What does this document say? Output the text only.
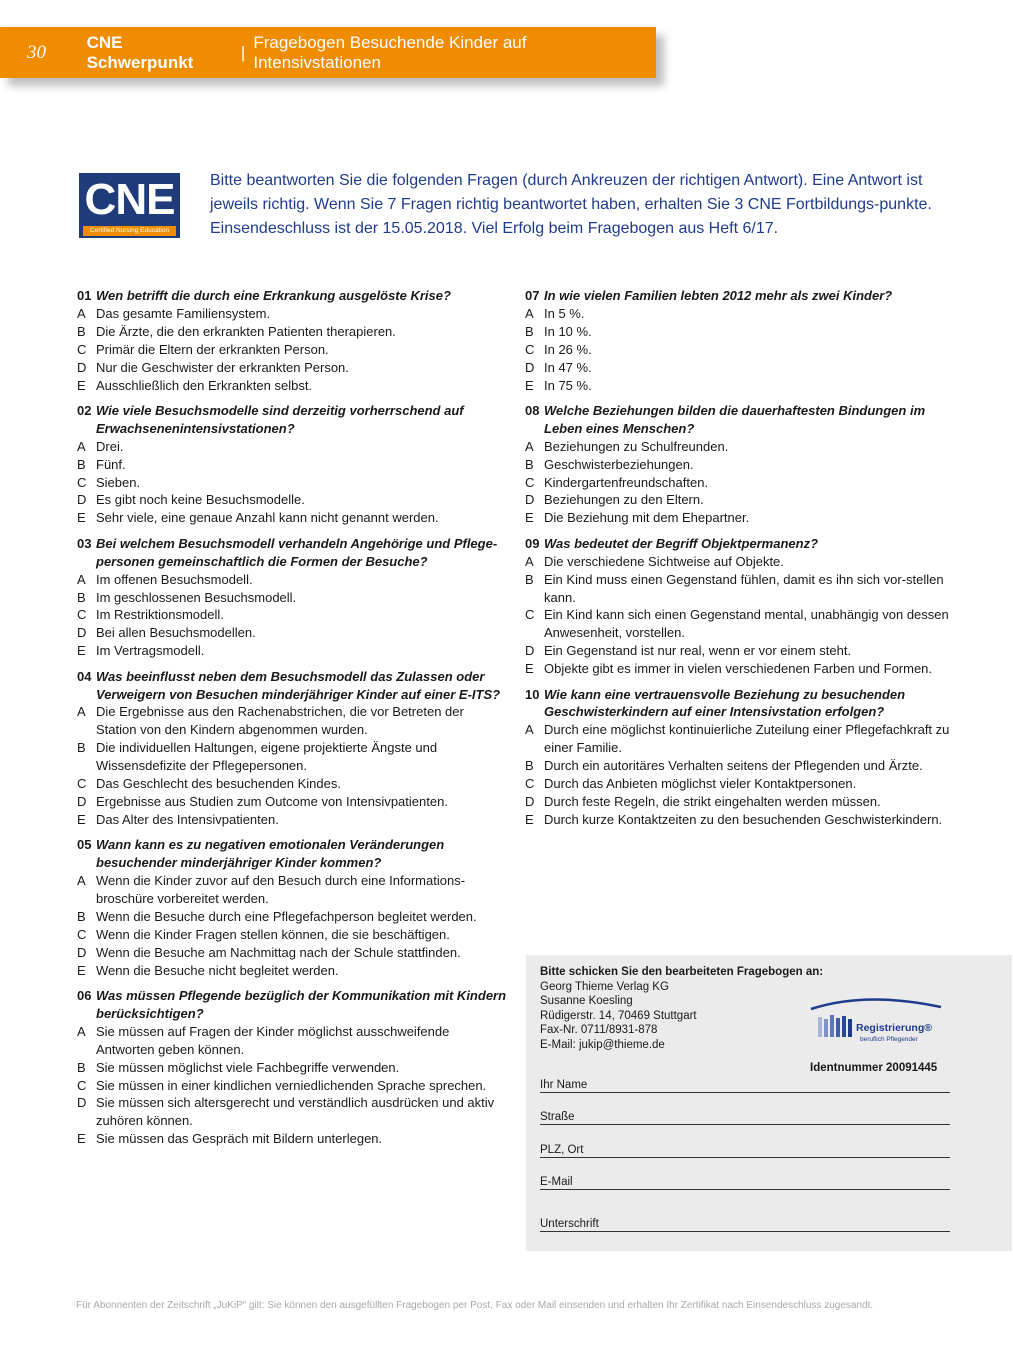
30	CNE Schwerpunkt
|
Fragebogen Besuchende Kinder auf Intensivstationen
CNE
Certified Nursing Education
Bitte beantworten Sie die folgenden Fragen (durch Ankreuzen der richtigen Antwort). Eine Antwort ist jeweils richtig. Wenn Sie 7 Fragen richtig beantwortet haben, erhalten Sie 3 CNE Fortbildungs-punkte. Einsendeschluss ist der 15.05.2018. Viel Erfolg beim Fragebogen aus Heft 6/17.
01 Wen betrifft die durch eine Erkrankung ausgelöste Krise?
A Das gesamte Familiensystem.
B Die Ärzte, die den erkrankten Patienten therapieren.
C Primär die Eltern der erkrankten Person.
D Nur die Geschwister der erkrankten Person.
E Ausschließlich den Erkrankten selbst.
02 Wie viele Besuchsmodelle sind derzeitig vorherrschend auf Erwachsenenintensivstationen?
A Drei.
B Fünf.
C Sieben.
D Es gibt noch keine Besuchsmodelle.
E Sehr viele, eine genaue Anzahl kann nicht genannt werden.
03 Bei welchem Besuchsmodell verhandeln Angehörige und Pflege-personen gemeinschaftlich die Formen der Besuche?
A Im offenen Besuchsmodell.
B Im geschlossenen Besuchsmodell.
C Im Restriktionsmodell.
D Bei allen Besuchsmodellen.
E Im Vertragsmodell.
04 Was beeinflusst neben dem Besuchsmodell das Zulassen oder Verweigern von Besuchen minderjähriger Kinder auf einer E-ITS?
A Die Ergebnisse aus den Rachenabstrichen, die vor Betreten der Station von den Kindern abgenommen wurden.
B Die individuellen Haltungen, eigene projektierte Ängste und Wissensdefizite der Pflegepersonen.
C Das Geschlecht des besuchenden Kindes.
D Ergebnisse aus Studien zum Outcome von Intensivpatienten.
E Das Alter des Intensivpatienten.
05 Wann kann es zu negativen emotionalen Veränderungen besuchender minderjähriger Kinder kommen?
A Wenn die Kinder zuvor auf den Besuch durch eine Informations-broschüre vorbereitet werden.
B Wenn die Besuche durch eine Pflegefachperson begleitet werden.
C Wenn die Kinder Fragen stellen können, die sie beschäftigen.
D Wenn die Besuche am Nachmittag nach der Schule stattfinden.
E Wenn die Besuche nicht begleitet werden.
06 Was müssen Pflegende bezüglich der Kommunikation mit Kindern berücksichtigen?
A Sie müssen auf Fragen der Kinder möglichst ausschweifende Antworten geben können.
B Sie müssen möglichst viele Fachbegriffe verwenden.
C Sie müssen in einer kindlichen verniedlichenden Sprache sprechen.
D Sie müssen sich altersgerecht und verständlich ausdrücken und aktiv zuhören können.
E Sie müssen das Gespräch mit Bildern unterlegen.
07 In wie vielen Familien lebten 2012 mehr als zwei Kinder?
A In 5 %.
B In 10 %.
C In 26 %.
D In 47 %.
E In 75 %.
08 Welche Beziehungen bilden die dauerhaftesten Bindungen im Leben eines Menschen?
A Beziehungen zu Schulfreunden.
B Geschwisterbeziehungen.
C Kindergartenfreundschaften.
D Beziehungen zu den Eltern.
E Die Beziehung mit dem Ehepartner.
09 Was bedeutet der Begriff Objektpermanenz?
A Die verschiedene Sichtweise auf Objekte.
B Ein Kind muss einen Gegenstand fühlen, damit es ihn sich vor-stellen kann.
C Ein Kind kann sich einen Gegenstand mental, unabhängig von dessen Anwesenheit, vorstellen.
D Ein Gegenstand ist nur real, wenn er vor einem steht.
E Objekte gibt es immer in vielen verschiedenen Farben und Formen.
10 Wie kann eine vertrauensvolle Beziehung zu besuchenden Geschwisterkindern auf einer Intensivstation erfolgen?
A Durch eine möglichst kontinuierliche Zuteilung einer Pflegefachkraft zu einer Familie.
B Durch ein autoritäres Verhalten seitens der Pflegenden und Ärzte.
C Durch das Anbieten möglichst vieler Kontaktpersonen.
D Durch feste Regeln, die strikt eingehalten werden müssen.
E Durch kurze Kontaktzeiten zu den besuchenden Geschwisterkindern.
Bitte schicken Sie den bearbeiteten Fragebogen an:
Georg Thieme Verlag KG
Susanne Koesling
Rüdigerstr. 14, 70469 Stuttgart
Fax-Nr. 0711/8931-878
E-Mail: jukip@thieme.de
Registrierung®
beruflich Pflegender
Identnummer 20091445
Ihr Name
Straße
PLZ, Ort
E-Mail
Unterschrift
Für Abonnenten der Zeitschrift „JuKiP“ gilt: Sie können den ausgefüllten Fragebogen per Post, Fax oder Mail einsenden und erhalten Ihr Zertifikat nach Einsendeschluss zugesandt.
